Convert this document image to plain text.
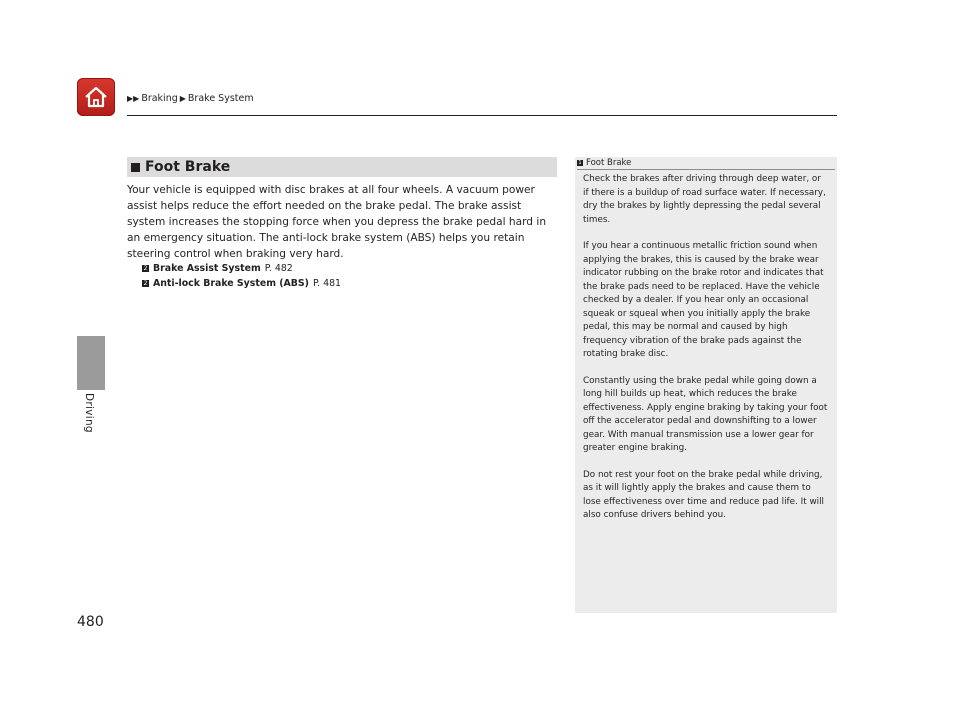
▶▶ Braking ▶ Brake System
Driving
Foot Brake
Your vehicle is equipped with disc brakes at all four wheels. A vacuum power assist helps reduce the effort needed on the brake pedal. The brake assist system increases the stopping force when you depress the brake pedal hard in an emergency situation. The anti-lock brake system (ABS) helps you retain steering control when braking very hard.
2 Brake Assist System P. 482
2 Anti-lock Brake System (ABS) P. 481
1 Foot Brake

Check the brakes after driving through deep water, or if there is a buildup of road surface water. If necessary, dry the brakes by lightly depressing the pedal several times.

If you hear a continuous metallic friction sound when applying the brakes, this is caused by the brake wear indicator rubbing on the brake rotor and indicates that the brake pads need to be replaced. Have the vehicle checked by a dealer. If you hear only an occasional squeak or squeal when you initially apply the brake pedal, this may be normal and caused by high frequency vibration of the brake pads against the rotating brake disc.

Constantly using the brake pedal while going down a long hill builds up heat, which reduces the brake effectiveness. Apply engine braking by taking your foot off the accelerator pedal and downshifting to a lower gear. With manual transmission use a lower gear for greater engine braking.

Do not rest your foot on the brake pedal while driving, as it will lightly apply the brakes and cause them to lose effectiveness over time and reduce pad life. It will also confuse drivers behind you.

480
